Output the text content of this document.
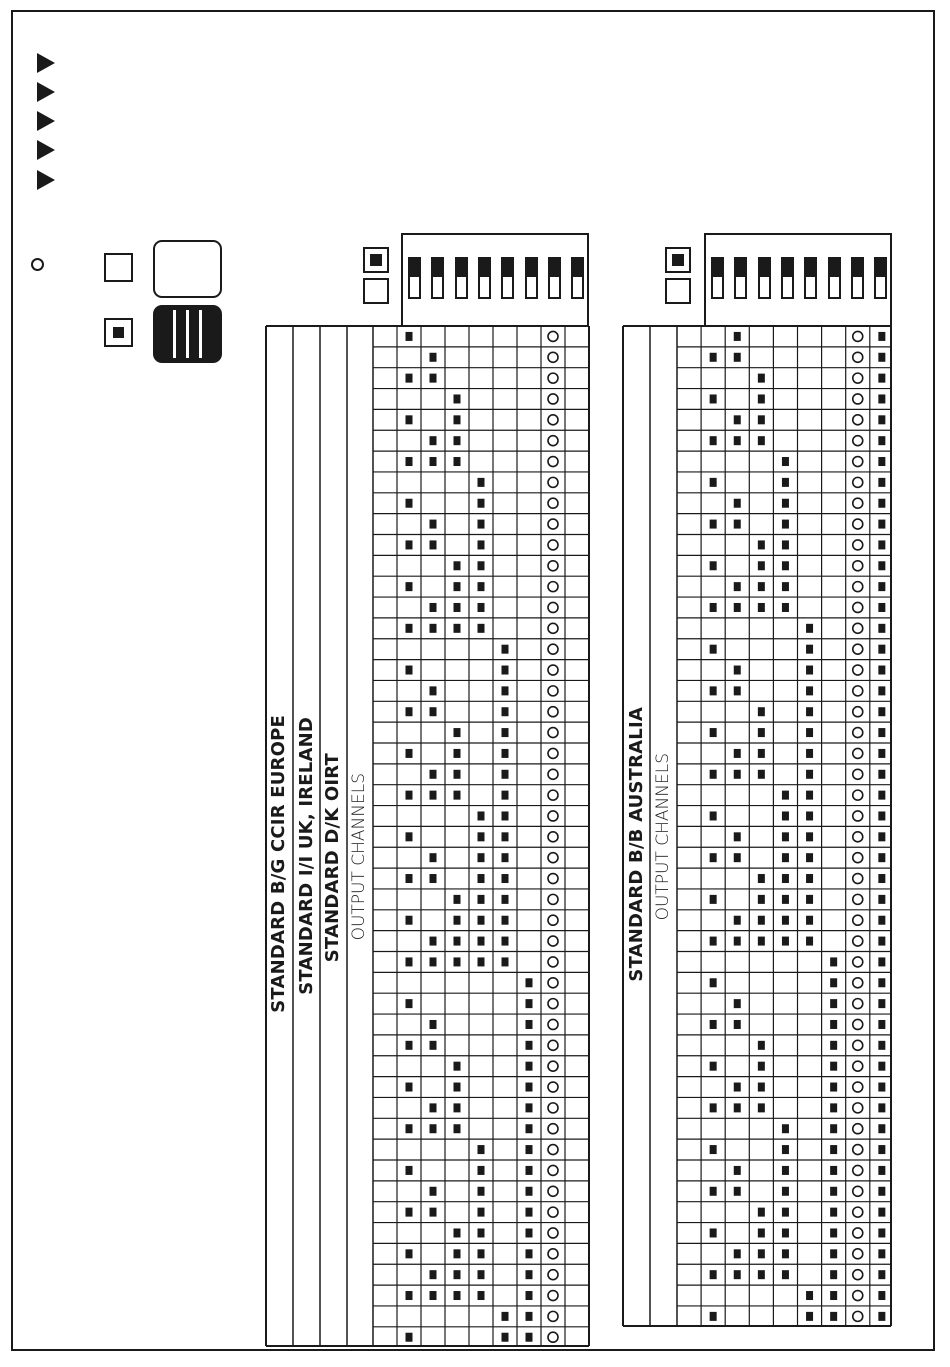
STANDARD B/G CCIR EUROPE STANDARD I/I UK, IRELAND STANDARD D/K OIRT OUTPUT CHANNELS	STANDARD B/B AUSTRALIA OUTPUT CHANNELS
